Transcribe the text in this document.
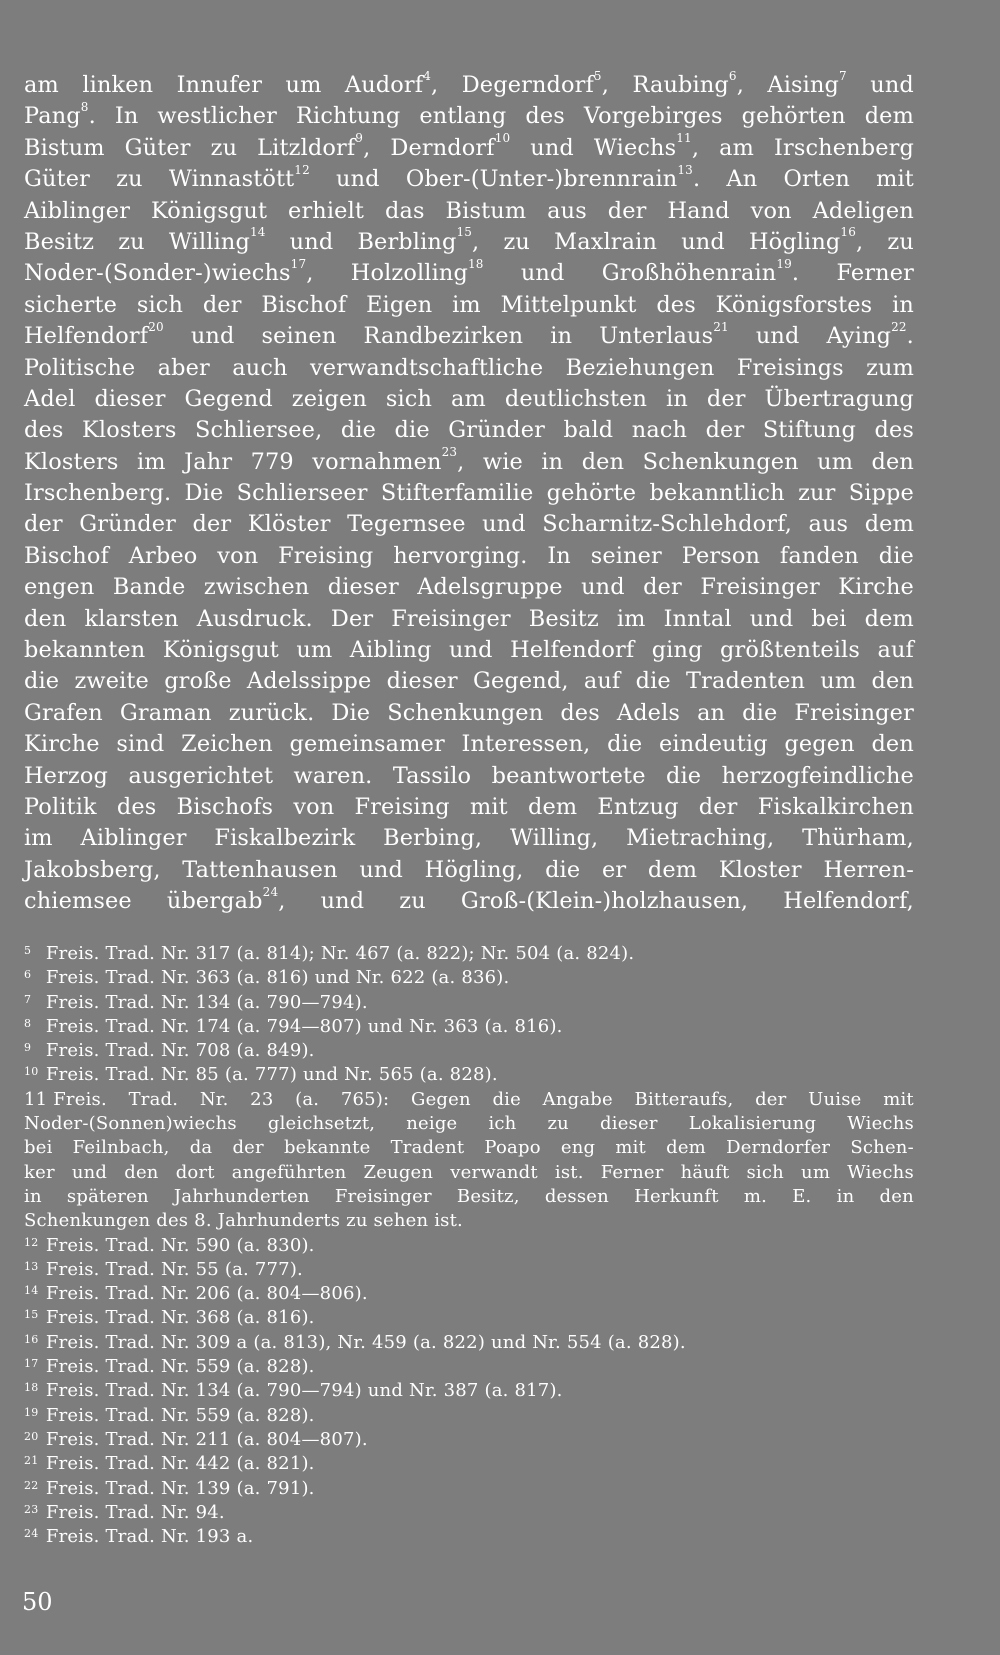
am linken Innufer um Audorf$^4$, Degerndorf$^5$, Raubing$^6$, Aising$^7$ und
Pang$^8$. In westlicher Richtung entlang des Vorgebirges gehörten dem
Bistum Güter zu Litzldorf$^9$, Derndorf$^{10}$ und Wiechs$^{11}$, am Irschenberg
Güter zu Winnastött$^{12}$ und Ober-(Unter-)brennrain$^{13}$. An Orten mit
Aiblinger Königsgut erhielt das Bistum aus der Hand von Adeligen
Besitz zu Willing$^{14}$ und Berbling$^{15}$, zu Maxlrain und Högling$^{16}$, zu
Noder-(Sonder-)wiechs$^{17}$, Holzolling$^{18}$ und Großhöhenrain$^{19}$. Ferner
sicherte sich der Bischof Eigen im Mittelpunkt des Königsforstes in
Helfendorf$^{20}$ und seinen Randbezirken in Unterlaus$^{21}$ und Aying$^{22}$.
Politische aber auch verwandtschaftliche Beziehungen Freisings zum
Adel dieser Gegend zeigen sich am deutlichsten in der Übertragung
des Klosters Schliersee, die die Gründer bald nach der Stiftung des
Klosters im Jahr 779 vornahmen$^{23}$, wie in den Schenkungen um den
Irschenberg. Die Schlierseer Stifterfamilie gehörte bekanntlich zur Sippe
der Gründer der Klöster Tegernsee und Scharnitz-Schlehdorf, aus dem
Bischof Arbeo von Freising hervorging. In seiner Person fanden die
engen Bande zwischen dieser Adelsgruppe und der Freisinger Kirche
den klarsten Ausdruck. Der Freisinger Besitz im Inntal und bei dem
bekannten Königsgut um Aibling und Helfendorf ging größtenteils auf
die zweite große Adelssippe dieser Gegend, auf die Tradenten um den
Grafen Graman zurück. Die Schenkungen des Adels an die Freisinger
Kirche sind Zeichen gemeinsamer Interessen, die eindeutig gegen den
Herzog ausgerichtet waren. Tassilo beantwortete die herzogfeindliche
Politik des Bischofs von Freising mit dem Entzug der Fiskalkirchen
im Aiblinger Fiskalbezirk Berbing, Willing, Mietraching, Thürham,
Jakobsberg, Tattenhausen und Högling, die er dem Kloster Herren-
chiemsee übergab$^{24}$, und zu Groß-(Klein-)holzhausen, Helfendorf,
5 Freis. Trad. Nr. 317 (a. 814); Nr. 467 (a. 822); Nr. 504 (a. 824).
6 Freis. Trad. Nr. 363 (a. 816) und Nr. 622 (a. 836).
7 Freis. Trad. Nr. 134 (a. 790—794).
8 Freis. Trad. Nr. 174 (a. 794—807) und Nr. 363 (a. 816).
9 Freis. Trad. Nr. 708 (a. 849).
10 Freis. Trad. Nr. 85 (a. 777) und Nr. 565 (a. 828).
11 Freis. Trad. Nr. 23 (a. 765): Gegen die Angabe Bitteraufs, der Uuise mit
Noder-(Sonnen)wiechs gleichsetzt, neige ich zu dieser Lokalisierung Wiechs
bei Feilnbach, da der bekannte Tradent Poapo eng mit dem Derndorfer Schen-
ker und den dort angeführten Zeugen verwandt ist. Ferner häuft sich um Wiechs
in späteren Jahrhunderten Freisinger Besitz, dessen Herkunft m. E. in den
Schenkungen des 8. Jahrhunderts zu sehen ist.
12 Freis. Trad. Nr. 590 (a. 830).
13 Freis. Trad. Nr. 55 (a. 777).
14 Freis. Trad. Nr. 206 (a. 804—806).
15 Freis. Trad. Nr. 368 (a. 816).
16 Freis. Trad. Nr. 309 a (a. 813), Nr. 459 (a. 822) und Nr. 554 (a. 828).
17 Freis. Trad. Nr. 559 (a. 828).
18 Freis. Trad. Nr. 134 (a. 790—794) und Nr. 387 (a. 817).
19 Freis. Trad. Nr. 559 (a. 828).
20 Freis. Trad. Nr. 211 (a. 804—807).
21 Freis. Trad. Nr. 442 (a. 821).
22 Freis. Trad. Nr. 139 (a. 791).
23 Freis. Trad. Nr. 94.
24 Freis. Trad. Nr. 193 a.
50
